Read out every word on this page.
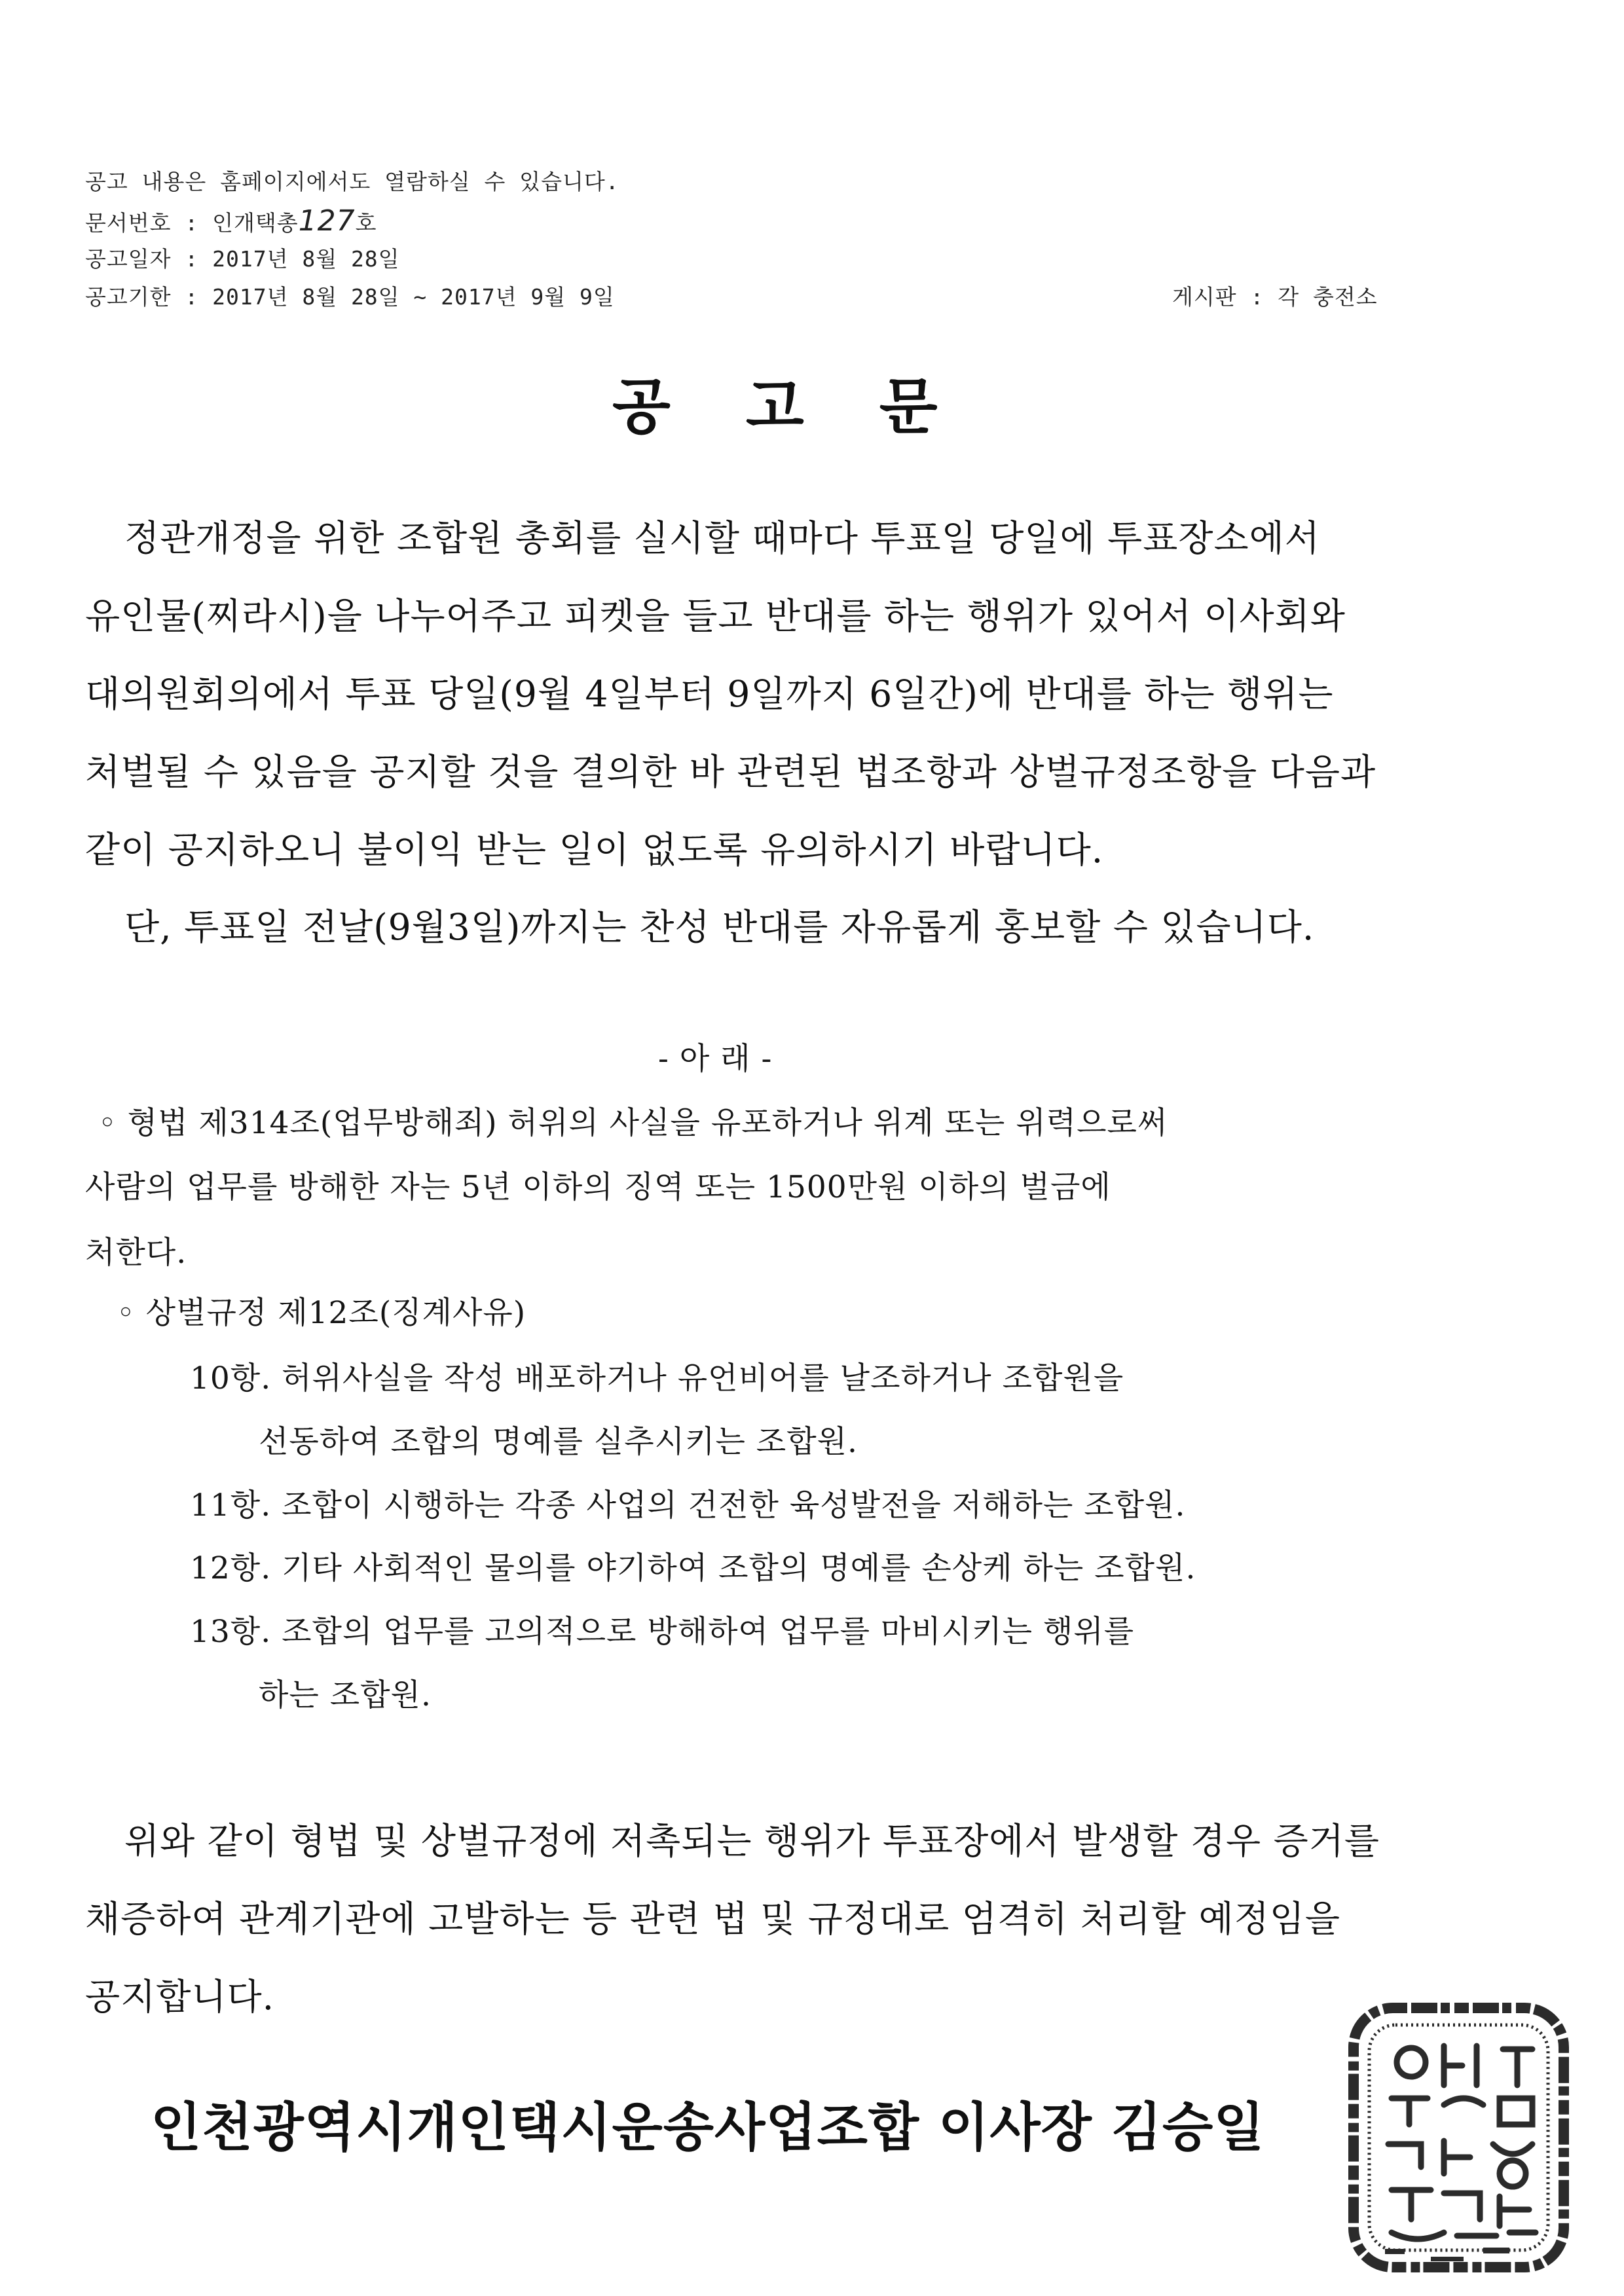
공고 내용은 홈페이지에서도 열람하실 수 있습니다.
문서번호 : 인개택총127호
공고일자 : 2017년 8월 28일
공고기한 : 2017년 8월 28일 ~ 2017년 9월 9일	게시판 : 각 충전소
공고문
정관개정을 위한 조합원 총회를 실시할 때마다 투표일 당일에 투표장소에서
유인물(찌라시)을 나누어주고 피켓을 들고 반대를 하는 행위가 있어서 이사회와
대의원회의에서 투표 당일(9월 4일부터 9일까지 6일간)에 반대를 하는 행위는
처벌될 수 있음을 공지할 것을 결의한 바 관련된 법조항과 상벌규정조항을 다음과
같이 공지하오니 불이익 받는 일이 없도록 유의하시기 바랍니다.
단, 투표일 전날(9월3일)까지는 찬성 반대를 자유롭게 홍보할 수 있습니다.
- 아 래 -
◦ 형법 제314조(업무방해죄) 허위의 사실을 유포하거나 위계 또는 위력으로써
사람의 업무를 방해한 자는 5년 이하의 징역 또는 1500만원 이하의 벌금에
처한다.
◦ 상벌규정 제12조(징계사유)
10항. 허위사실을 작성 배포하거나 유언비어를 날조하거나 조합원을
선동하여 조합의 명예를 실추시키는 조합원.
11항. 조합이 시행하는 각종 사업의 건전한 육성발전을 저해하는 조합원.
12항. 기타 사회적인 물의를 야기하여 조합의 명예를 손상케 하는 조합원.
13항. 조합의 업무를 고의적으로 방해하여 업무를 마비시키는 행위를
하는 조합원.
위와 같이 형법 및 상벌규정에 저촉되는 행위가 투표장에서 발생할 경우 증거를
채증하여 관계기관에 고발하는 등 관련 법 및 규정대로 엄격히 처리할 예정임을
공지합니다.
인천광역시개인택시운송사업조합 이사장 김승일
